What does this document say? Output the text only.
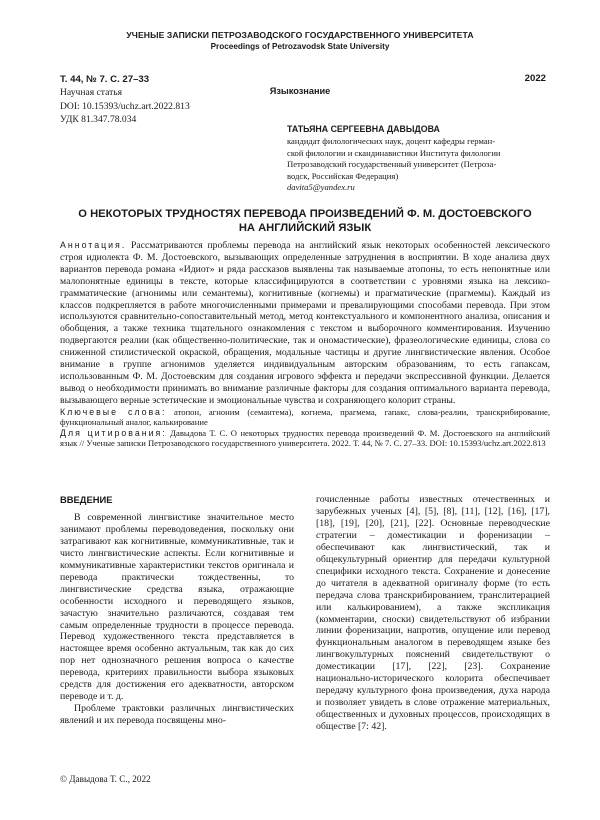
УЧЕНЫЕ ЗАПИСКИ ПЕТРОЗАВОДСКОГО ГОСУДАРСТВЕННОГО УНИВЕРСИТЕТА
Proceedings of Petrozavodsk State University
Т. 44, № 7. С. 27–33
Научная статья
DOI: 10.15393/uchz.art.2022.813
УДК 81.347.78.034
2022
Языкознание
ТАТЬЯНА СЕРГЕЕВНА ДАВЫДОВА
кандидат филологических наук, доцент кафедры герман-
ской филологии и скандинавистики Института филологии
Петрозаводский государственный университет (Петроза-
водск, Российская Федерация)
davita5@yandex.ru
О НЕКОТОРЫХ ТРУДНОСТЯХ ПЕРЕВОДА ПРОИЗВЕДЕНИЙ Ф. М. ДОСТОЕВСКОГО
НА АНГЛИЙСКИЙ ЯЗЫК

Аннотация. Рассматриваются проблемы перевода на английский язык некоторых особенностей лексического строя идиолекта Ф. М. Достоевского, вызывающих определенные затруднения в восприятии. В ходе анализа двух вариантов перевода романа «Идиот» и ряда рассказов выявлены так называемые атопоны, то есть непонятные или малопонятные единицы в тексте, которые классифицируются в соответствии с уровнями языка на лексико-грамматические (агнонимы или семантемы), когнитивные (когнемы) и прагматические (прагмемы). Каждый из классов подкрепляется в работе многочисленными примерами и превалирующими способами перевода. При этом используются сравнительно-сопоставительный метод, метод контекстуального и компонентного анализа, описания и обобщения, а также техника тщательного ознакомления с текстом и выборочного комментирования. Изучению подвергаются реалии (как общественно-политические, так и ономастические), фразеологические единицы, слова со сниженной стилистической окраской, обращения, модальные частицы и другие лингвистические явления. Особое внимание в группе агнонимов уделяется индивидуальным авторским образованиям, то есть гапаксам, использованным Ф. М. Достоевским для создания игрового эффекта и передачи экспрессивной функции. Делается вывод о необходимости принимать во внимание различные факторы для создания оптимального варианта перевода, вызывающего верные эстетические и эмоциональные чувства и сохраняющего колорит страны.

Ключевые слова: атопон, агноним (семантема), когнема, прагмема, гапакс, слова-реалии, транскрибирование, функциональный аналог, калькирование

Для цитирования: Давыдова Т. С. О некоторых трудностях перевода произведений Ф. М. Достоевского на английский язык // Ученые записки Петрозаводского государственного университета. 2022. Т. 44, № 7. С. 27–33. DOI: 10.15393/uchz.art.2022.813

ВВЕДЕНИЕ

В современной лингвистике значительное место занимают проблемы переводоведения, поскольку они затрагивают как когнитивные, коммуникативные, так и чисто лингвистические аспекты. Если когнитивные и коммуникативные характеристики текстов оригинала и перевода практически тождественны, то лингвистические средства языка, отражающие особенности исходного и переводящего языков, зачастую значительно различаются, создавая тем самым определенные трудности в процессе перевода. Перевод художественного текста представляется в настоящее время особенно актуальным, так как до сих пор нет однозначного решения вопроса о качестве перевода, критериях правильности выбора языковых средств для достижения его адекватности, авторском переводе и т. д.

Проблеме трактовки различных лингвистических явлений и их перевода посвящены мно-

гочисленные работы известных отечественных и зарубежных ученых [4], [5], [8], [11], [12], [16], [17], [18], [19], [20], [21], [22]. Основные переводческие стратегии – доместикации и форенизации – обеспечивают как лингвистический, так и общекультурный ориентир для передачи культурной специфики исходного текста. Сохранение и донесение до читателя в адекватной оригиналу форме (то есть передача слова транскрибированием, транслитерацией или калькированием), а также экспликация (комментарии, сноски) свидетельствуют об избрании линии форенизации, напротив, опущение или перевод функциональным аналогом в переводящем языке без лингвокультурных пояснений свидетельствуют о доместикации [17], [22], [23]. Сохранение национально-исторического колорита обеспечивает передачу культурного фона произведения, духа народа и позволяет увидеть в слове отражение материальных, общественных и духовных процессов, происходящих в обществе [7: 42].

© Давыдова Т. С., 2022
